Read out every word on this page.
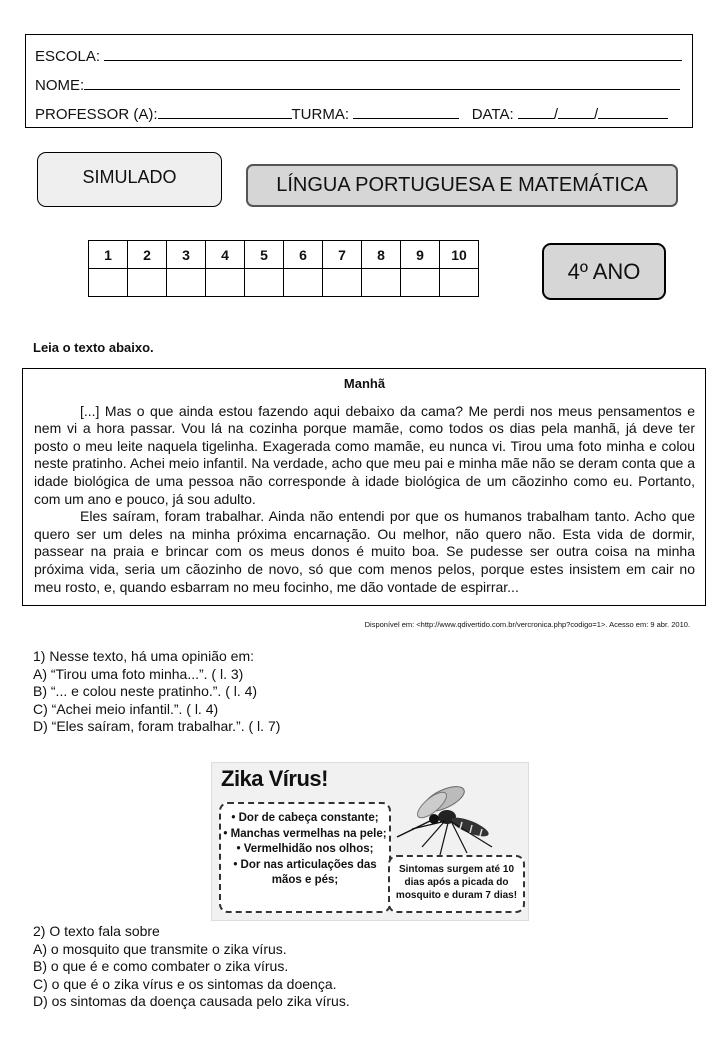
ESCOLA:
NOME:
PROFESSOR (A):	TURMA:	DATA:	/ /
SIMULADO	LÍNGUA PORTUGUESA E MATEMÁTICA
4º ANO
1	2	3	4	5	6	7	8	9	10

Leia o texto abaixo.
Manhã

[...] Mas o que ainda estou fazendo aqui debaixo da cama? Me perdi nos meus pensamentos e nem vi a hora passar. Vou lá na cozinha porque mamãe, como todos os dias pela manhã, já deve ter posto o meu leite naquela tigelinha. Exagerada como mamãe, eu nunca vi. Tirou uma foto minha e colou neste pratinho. Achei meio infantil. Na verdade, acho que meu pai e minha mãe não se deram conta que a idade biológica de uma pessoa não corresponde à idade biológica de um cãozinho como eu. Portanto, com um ano e pouco, já sou adulto.

Eles saíram, foram trabalhar. Ainda não entendi por que os humanos trabalham tanto. Acho que quero ser um deles na minha próxima encarnação. Ou melhor, não quero não. Esta vida de dormir, passear na praia e brincar com os meus donos é muito boa. Se pudesse ser outra coisa na minha próxima vida, seria um cãozinho de novo, só que com menos pelos, porque estes insistem em cair no meu rosto, e, quando esbarram no meu focinho, me dão vontade de espirrar...

Disponível em: <http://www.qdivertido.com.br/vercronica.php?codigo=1>. Acesso em: 9 abr. 2010.
1) Nesse texto, há uma opinião em:
A) “Tirou uma foto minha...”. ( l. 3)
B) “... e colou neste pratinho.”. ( l. 4)
C) “Achei meio infantil.”. ( l. 4)
D) “Eles saíram, foram trabalhar.”. ( l. 7)
Zika Vírus!
• Dor de cabeça constante;
• Manchas vermelhas na pele;
• Vermelhidão nos olhos;
• Dor nas articulações das mãos e pés;
Sintomas surgem até 10 dias após a picada do mosquito e duram 7 dias!
2) O texto fala sobre
A) o mosquito que transmite o zika vírus.
B) o que é e como combater o zika vírus.
C) o que é o zika vírus e os sintomas da doença.
D) os sintomas da doença causada pelo zika vírus.
